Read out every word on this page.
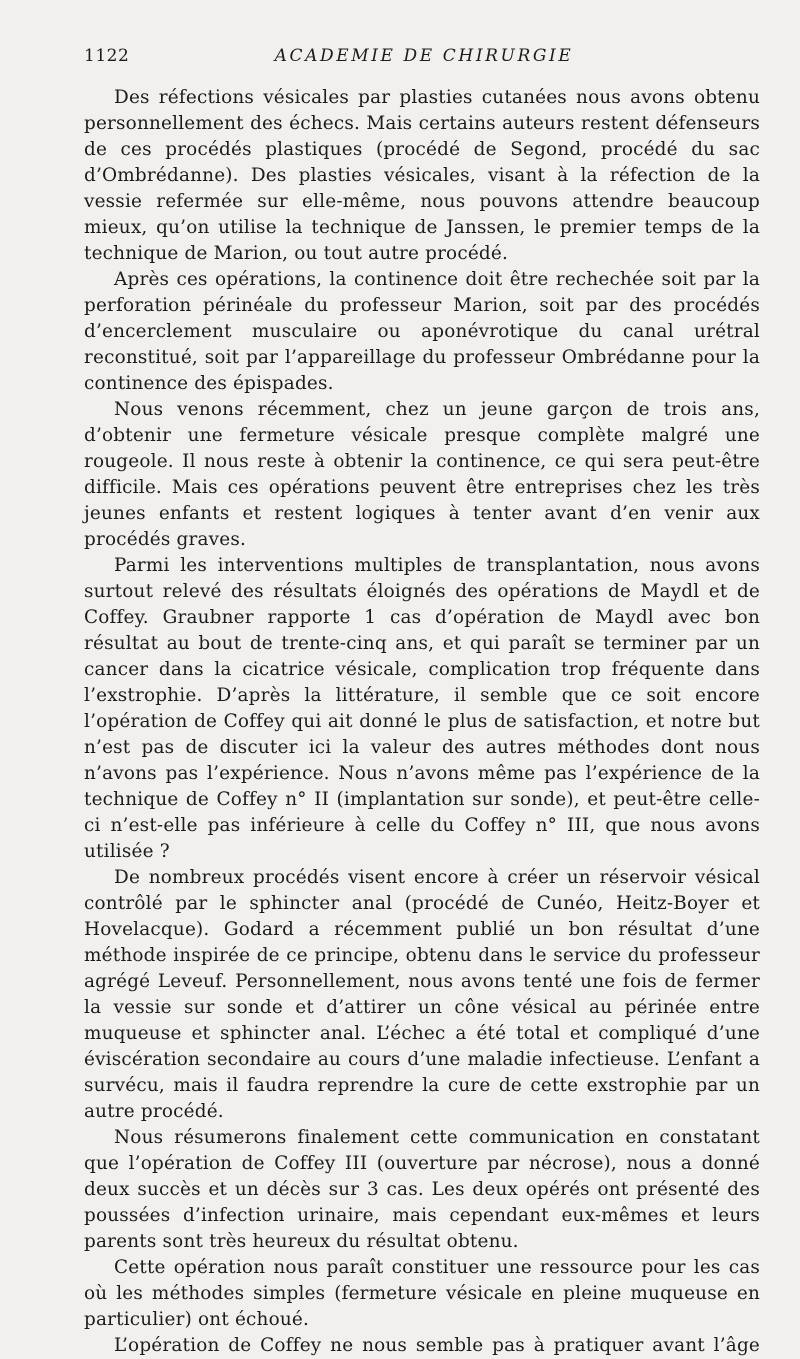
1122	ACADEMIE DE CHIRURGIE

Des réfections vésicales par plasties cutanées nous avons obtenu personnellement des échecs. Mais certains auteurs restent défenseurs de ces procédés plastiques (procédé de Segond, procédé du sac d’Ombrédanne). Des plasties vésicales, visant à la réfection de la vessie refermée sur elle-même, nous pouvons attendre beaucoup mieux, qu’on utilise la technique de Janssen, le premier temps de la technique de Marion, ou tout autre procédé.

Après ces opérations, la continence doit être rechechée soit par la perforation périnéale du professeur Marion, soit par des procédés d’encerclement musculaire ou aponévrotique du canal urétral reconstitué, soit par l’appareillage du professeur Ombrédanne pour la continence des épispades.

Nous venons récemment, chez un jeune garçon de trois ans, d’obtenir une fermeture vésicale presque complète malgré une rougeole. Il nous reste à obtenir la continence, ce qui sera peut-être difficile. Mais ces opérations peuvent être entreprises chez les très jeunes enfants et restent logiques à tenter avant d’en venir aux procédés graves.

Parmi les interventions multiples de transplantation, nous avons surtout relevé des résultats éloignés des opérations de Maydl et de Coffey. Graubner rapporte 1 cas d’opération de Maydl avec bon résultat au bout de trente-cinq ans, et qui paraît se terminer par un cancer dans la cicatrice vésicale, complication trop fréquente dans l’exstrophie. D’après la littérature, il semble que ce soit encore l’opération de Coffey qui ait donné le plus de satisfaction, et notre but n’est pas de discuter ici la valeur des autres méthodes dont nous n’avons pas l’expérience. Nous n’avons même pas l’expérience de la technique de Coffey n° II (implantation sur sonde), et peut-être celle-ci n’est-elle pas inférieure à celle du Coffey n° III, que nous avons utilisée ?

De nombreux procédés visent encore à créer un réservoir vésical contrôlé par le sphincter anal (procédé de Cunéo, Heitz-Boyer et Hovelacque). Godard a récemment publié un bon résultat d’une méthode inspirée de ce principe, obtenu dans le service du professeur agrégé Leveuf. Personnellement, nous avons tenté une fois de fermer la vessie sur sonde et d’attirer un cône vésical au périnée entre muqueuse et sphincter anal. L’échec a été total et compliqué d’une éviscération secondaire au cours d’une maladie infectieuse. L’enfant a survécu, mais il faudra reprendre la cure de cette exstrophie par un autre procédé.

Nous résumerons finalement cette communication en constatant que l’opération de Coffey III (ouverture par nécrose), nous a donné deux succès et un décès sur 3 cas. Les deux opérés ont présenté des poussées d’infection urinaire, mais cependant eux-mêmes et leurs parents sont très heureux du résultat obtenu.

Cette opération nous paraît constituer une ressource pour les cas où les méthodes simples (fermeture vésicale en pleine muqueuse en particulier) ont échoué.

L’opération de Coffey ne nous semble pas à pratiquer avant l’âge
